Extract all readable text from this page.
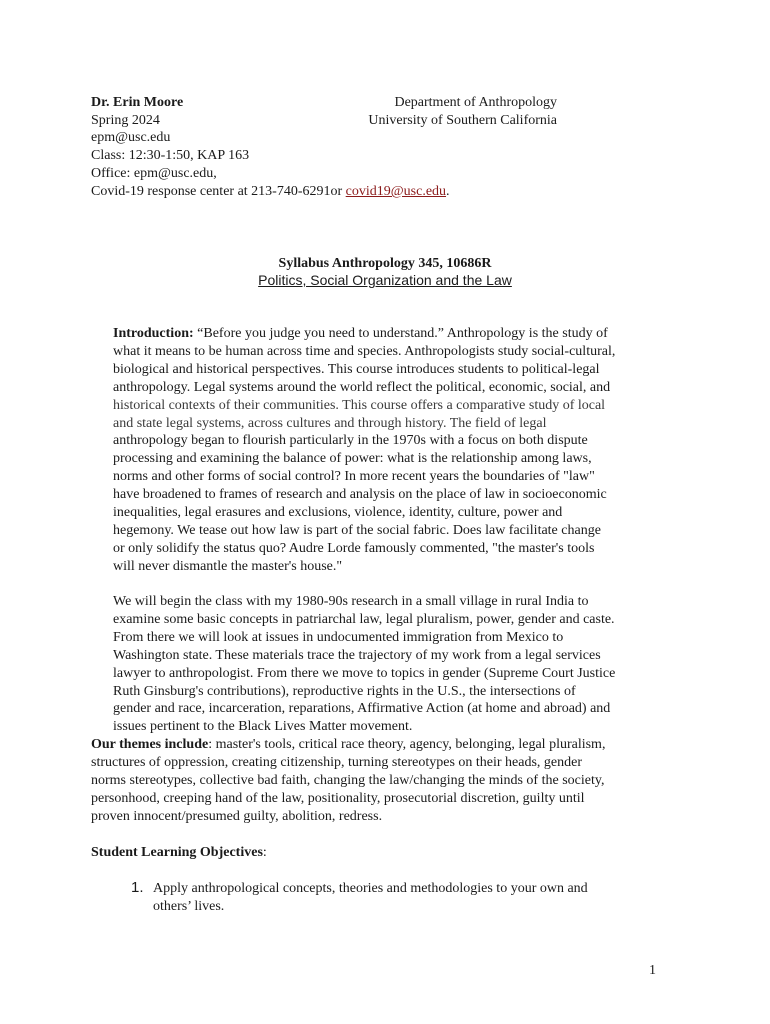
Dr. Erin Moore
Spring 2024
epm@usc.edu
Class: 12:30-1:50, KAP 163
Office: epm@usc.edu,
Covid-19 response center at 213-740-6291or covid19@usc.edu.
Department of Anthropology
University of Southern California
Syllabus Anthropology 345, 10686R
Politics, Social Organization and the Law
Introduction: “Before you judge you need to understand.” Anthropology is the study of
what it means to be human across time and species. Anthropologists study social-cultural,
biological and historical perspectives. This course introduces students to political-legal
anthropology. Legal systems around the world reflect the political, economic, social, and
historical contexts of their communities. This course offers a comparative study of local
and state legal systems, across cultures and through history. The field of legal
anthropology began to flourish particularly in the 1970s with a focus on both dispute
processing and examining the balance of power: what is the relationship among laws,
norms and other forms of social control? In more recent years the boundaries of "law"
have broadened to frames of research and analysis on the place of law in socioeconomic
inequalities, legal erasures and exclusions, violence, identity, culture, power and
hegemony. We tease out how law is part of the social fabric. Does law facilitate change
or only solidify the status quo? Audre Lorde famously commented, "the master's tools
will never dismantle the master's house."
We will begin the class with my 1980-90s research in a small village in rural India to
examine some basic concepts in patriarchal law, legal pluralism, power, gender and caste.
From there we will look at issues in undocumented immigration from Mexico to
Washington state. These materials trace the trajectory of my work from a legal services
lawyer to anthropologist. From there we move to topics in gender (Supreme Court Justice
Ruth Ginsburg's contributions), reproductive rights in the U.S., the intersections of
gender and race, incarceration, reparations, Affirmative Action (at home and abroad) and
issues pertinent to the Black Lives Matter movement.
Our themes include: master's tools, critical race theory, agency, belonging, legal pluralism,
structures of oppression, creating citizenship, turning stereotypes on their heads, gender
norms stereotypes, collective bad faith, changing the law/changing the minds of the society,
personhood, creeping hand of the law, positionality, prosecutorial discretion, guilty until
proven innocent/presumed guilty, abolition, redress.
Student Learning Objectives:
1. Apply anthropological concepts, theories and methodologies to your own and
others’ lives.
1
